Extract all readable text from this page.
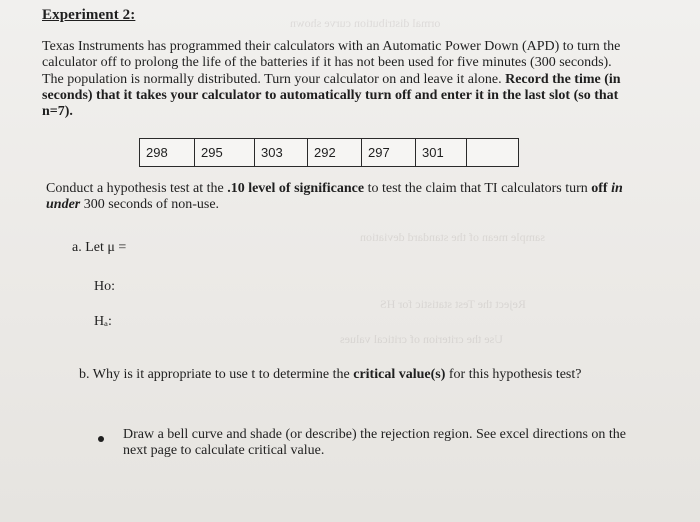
ormal distribution curve shown
sample mean of the standard deviation
Reject the Test statistic for HS
Use the criterion of critical values
Experiment 2:
Texas Instruments has programmed their calculators with an Automatic Power Down (APD) to turn the calculator off to prolong the life of the batteries if it has not been used for five minutes (300 seconds). The population is normally distributed. Turn your calculator on and leave it alone. Record the time (in seconds) that it takes your calculator to automatically turn off and enter it in the last slot (so that n=7).
298	295	303	292	297	301	
Conduct a hypothesis test at the .10 level of significance to test the claim that TI calculators turn off in under 300 seconds of non-use.
a. Let μ =
Ho:
Hₐ:
b. Why is it appropriate to use t to determine the critical value(s) for this hypothesis test?
Draw a bell curve and shade (or describe) the rejection region. See excel directions on the next page to calculate critical value.
